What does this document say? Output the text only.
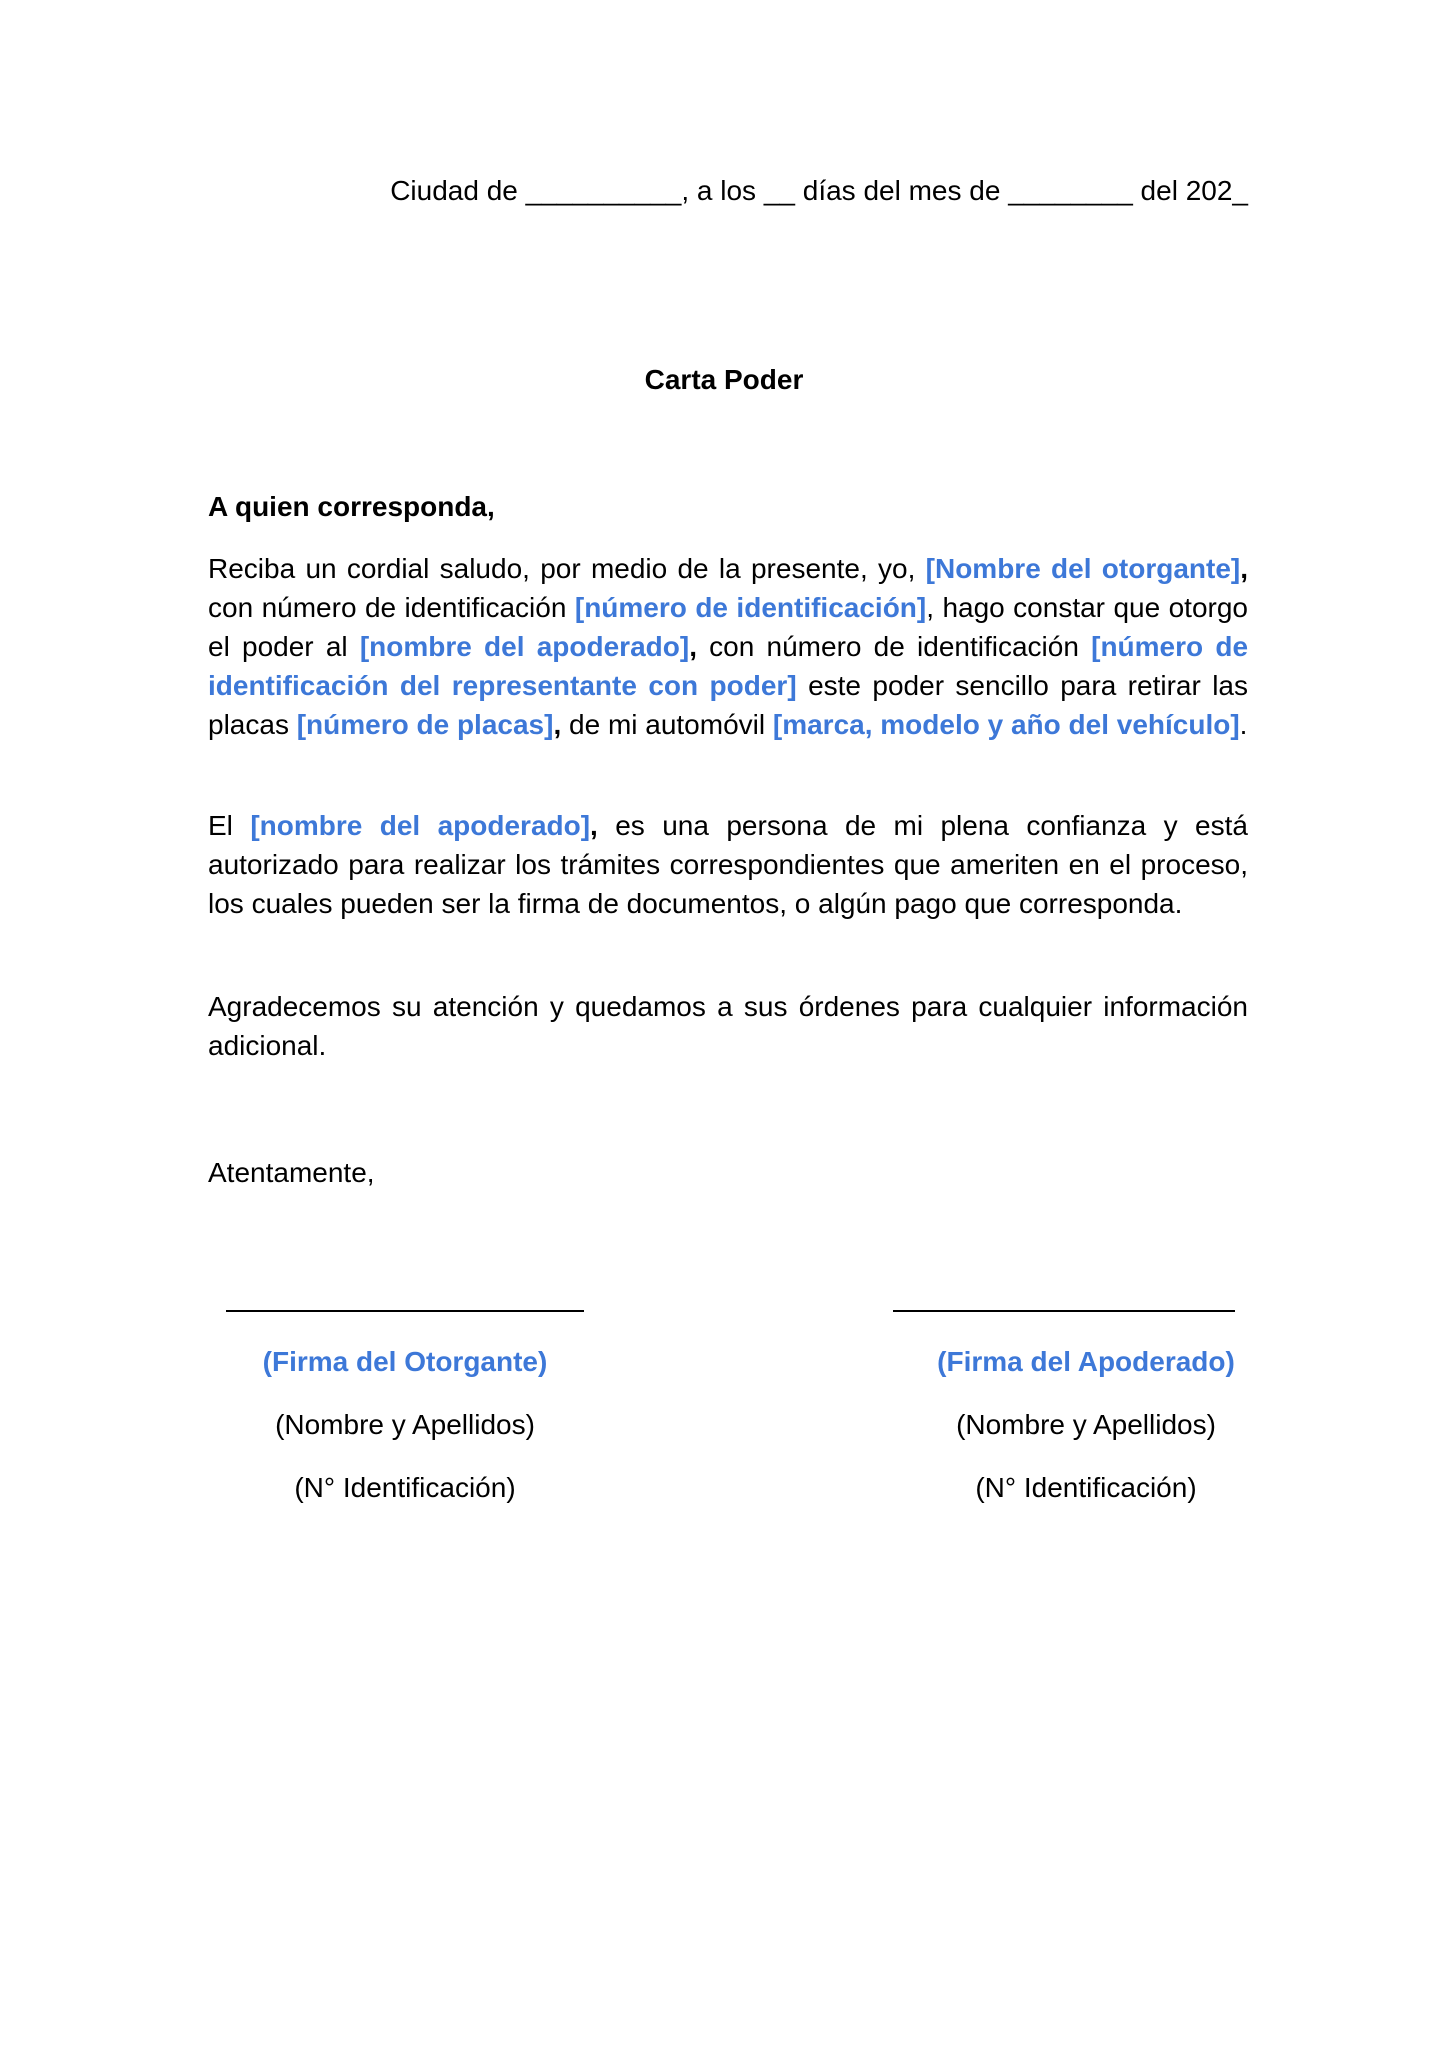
Ciudad de __________, a los __ días del mes de ________ del 202_
Carta Poder
A quien corresponda,
Reciba un cordial saludo, por medio de la presente, yo, [Nombre del otorgante], con número de identificación [número de identificación], hago constar que otorgo el poder al [nombre del apoderado], con número de identificación [número de identificación del representante con poder] este poder sencillo para retirar las placas [número de placas], de mi automóvil [marca, modelo y año del vehículo].
El [nombre del apoderado], es una persona de mi plena confianza y está autorizado para realizar los trámites correspondientes que ameriten en el proceso, los cuales pueden ser la firma de documentos, o algún pago que corresponda.
Agradecemos su atención y quedamos a sus órdenes para cualquier información adicional.
Atentamente,
(Firma del Otorgante)
(Nombre y Apellidos)
(N° Identificación)
(Firma del Apoderado)
(Nombre y Apellidos)
(N° Identificación)
